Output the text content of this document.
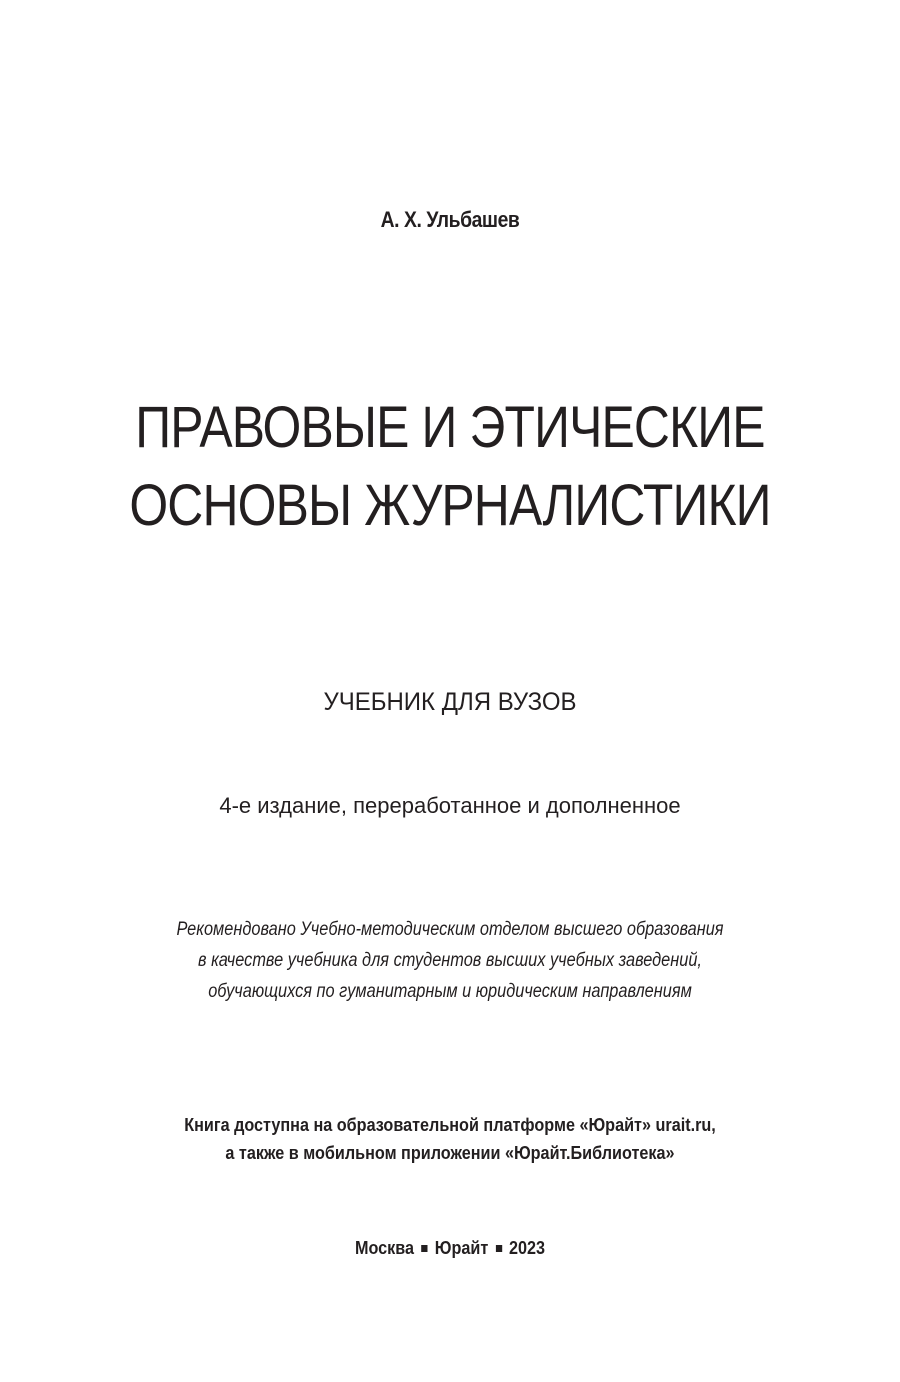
А. Х. Ульбашев
ПРАВОВЫЕ И ЭТИЧЕСКИЕ
ОСНОВЫ ЖУРНАЛИСТИКИ
УЧЕБНИК ДЛЯ ВУЗОВ
4-е издание, переработанное и дополненное
Рекомендовано Учебно-методическим отделом высшего образования
в качестве учебника для студентов высших учебных заведений,
обучающихся по гуманитарным и юридическим направлениям
Книга доступна на образовательной платформе «Юрайт» urait.ru,
а также в мобильном приложении «Юрайт.Библиотека»
Москва Юрайт 2023
